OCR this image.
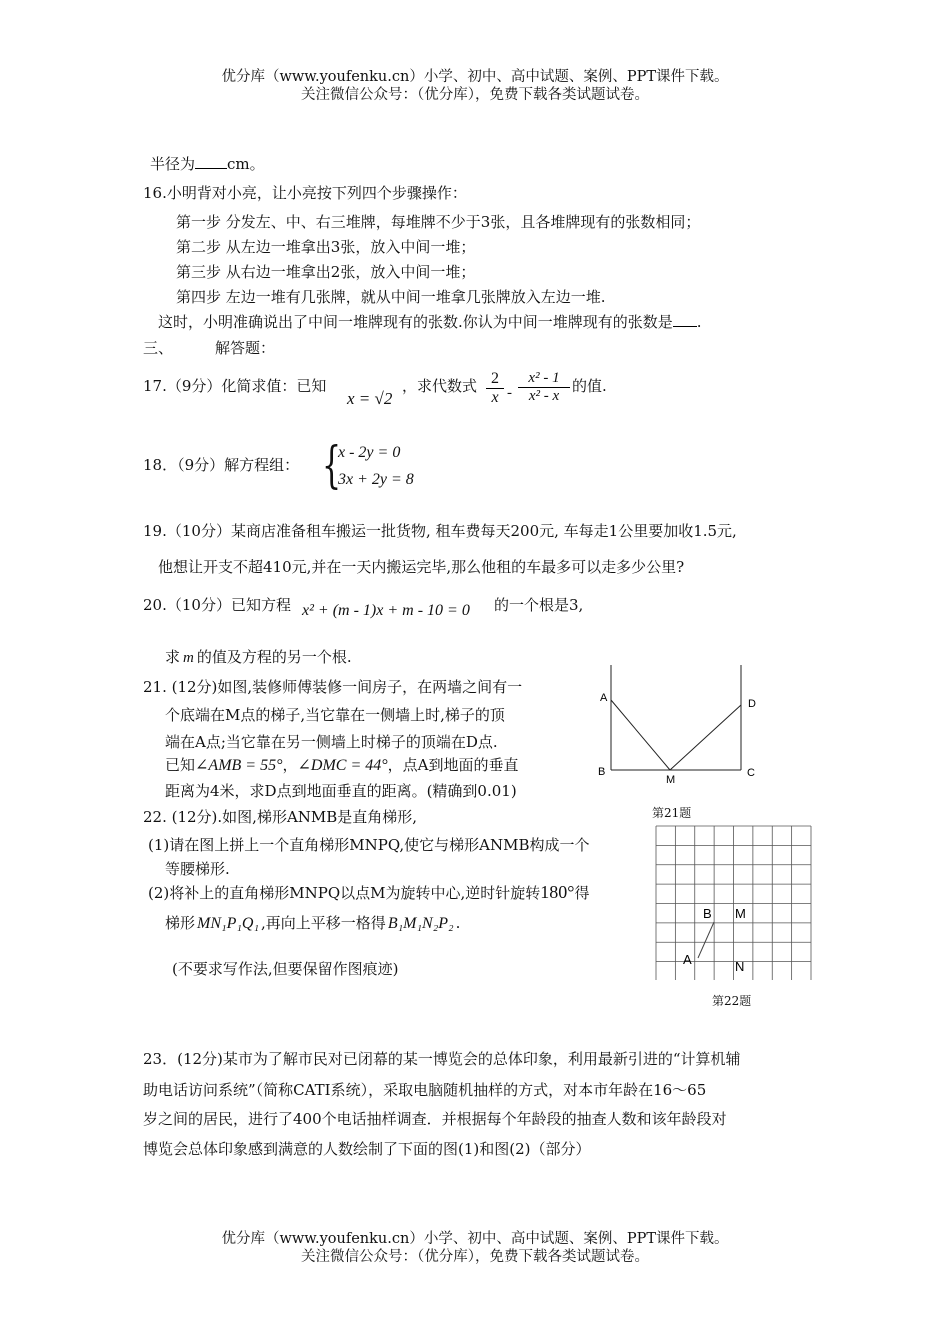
优分库（www.youfenku.cn）小学、初中、高中试题、案例、PPT课件下载。
关注微信公众号：（优分库），免费下载各类试题试卷。
半径为 cm。
16.小明背对小亮，让小亮按下列四个步骤操作：
第一步 分发左、中、右三堆牌，每堆牌不少于3张，且各堆牌现有的张数相同；
第二步 从左边一堆拿出3张，放入中间一堆；
第三步 从右边一堆拿出2张，放入中间一堆；
第四步 左边一堆有几张牌，就从中间一堆拿几张牌放入左边一堆.
这时，小明准确说出了中间一堆牌现有的张数.你认为中间一堆牌现有的张数是 .
三、	解答题：
17.（9分）化简求值：已知
x = √2
，求代数式 $\frac{2}{x} - \frac{\text{x² - 1}}{\text{x² - x}}$ 的值.
18．（9分）解方程组： {
x - 2y = 0
3x + 2y = 8
19.（10分）某商店准备租车搬运一批货物, 租车费每天200元, 车每走1公里要加收1.5元,
他想让开支不超410元,并在一天内搬运完毕,那么他租的车最多可以走多少公里?
20.（10分）已知方程 x² + (m - 1)x + m - 10 = 0 的一个根是3,
求 m 的值及方程的另一个根.
21. (12分)如图,装修师傅装修一间房子，在两墙之间有一
个底端在M点的梯子,当它靠在一侧墙上时,梯子的顶
端在A点;当它靠在另一侧墙上时梯子的顶端在D点.
已知∠AMB = 55°，∠DMC = 44°，点A到地面的垂直
距离为4米，求D点到地面垂直的距离。(精确到0.01)
A
B
M
C
D
第21题
22. (12分).如图,梯形ANMB是直角梯形,
(1)请在图上拼上一个直角梯形MNPQ,使它与梯形ANMB构成一个
等腰梯形.
(2)将补上的直角梯形MNPQ以点M为旋转中心,逆时针旋转180°得
梯形 MN₁P₁Q₁ ,再向上平移一格得 B₁M₁N₂P₂ .
(不要求写作法,但要保留作图痕迹)
B M
A	N
第22题
23．(12分)某市为了解市民对已闭幕的某一博览会的总体印象，利用最新引进的“计算机辅
助电话访问系统”（简称CATI系统），采取电脑随机抽样的方式，对本市年龄在16～65
岁之间的居民，进行了400个电话抽样调查．并根据每个年龄段的抽查人数和该年龄段对
博览会总体印象感到满意的人数绘制了下面的图(1)和图(2)（部分）
优分库（www.youfenku.cn）小学、初中、高中试题、案例、PPT课件下载。
关注微信公众号：（优分库），免费下载各类试题试卷。
